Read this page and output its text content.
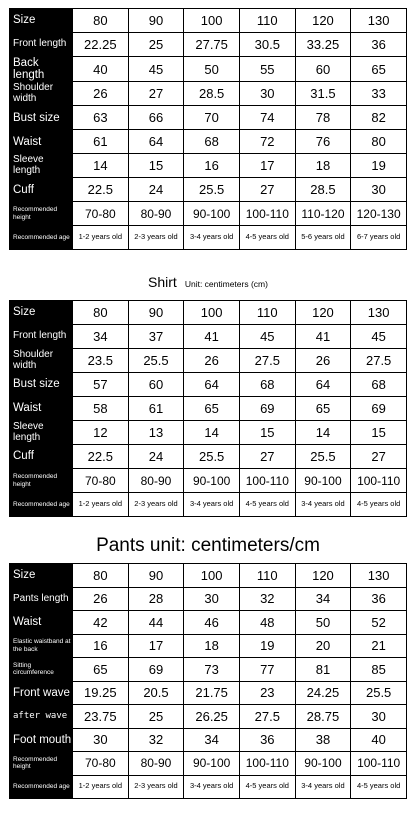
Size	80	90	100	110	120	130
Front length	22.25	25	27.75	30.5	33.25	36
Back length	40	45	50	55	60	65
Shoulder width	26	27	28.5	30	31.5	33
Bust size	63	66	70	74	78	82
Waist	61	64	68	72	76	80
Sleeve length	14	15	16	17	18	19
Cuff	22.5	24	25.5	27	28.5	30
Recommended height	70-80	80-90	90-100	100-110	110-120	120-130
Recommended age	1-2 years old	2-3 years old	3-4 years old	4-5 years old	5-6 years old	6-7 years old
Shirt Unit: centimeters (cm)
Size	80	90	100	110	120	130
Front length	34	37	41	45	41	45
Shoulder width	23.5	25.5	26	27.5	26	27.5
Bust size	57	60	64	68	64	68
Waist	58	61	65	69	65	69
Sleeve length	12	13	14	15	14	15
Cuff	22.5	24	25.5	27	25.5	27
Recommended height	70-80	80-90	90-100	100-110	90-100	100-110
Recommended age	1-2 years old	2-3 years old	3-4 years old	4-5 years old	3-4 years old	4-5 years old
Pants unit: centimeters/cm
Size	80	90	100	110	120	130
Pants length	26	28	30	32	34	36
Waist	42	44	46	48	50	52
Elastic waistband at the back	16	17	18	19	20	21
Sitting circumference	65	69	73	77	81	85
Front wave	19.25	20.5	21.75	23	24.25	25.5
after wave	23.75	25	26.25	27.5	28.75	30
Foot mouth	30	32	34	36	38	40
Recommended height	70-80	80-90	90-100	100-110	90-100	100-110
Recommended age	1-2 years old	2-3 years old	3-4 years old	4-5 years old	3-4 years old	4-5 years old
